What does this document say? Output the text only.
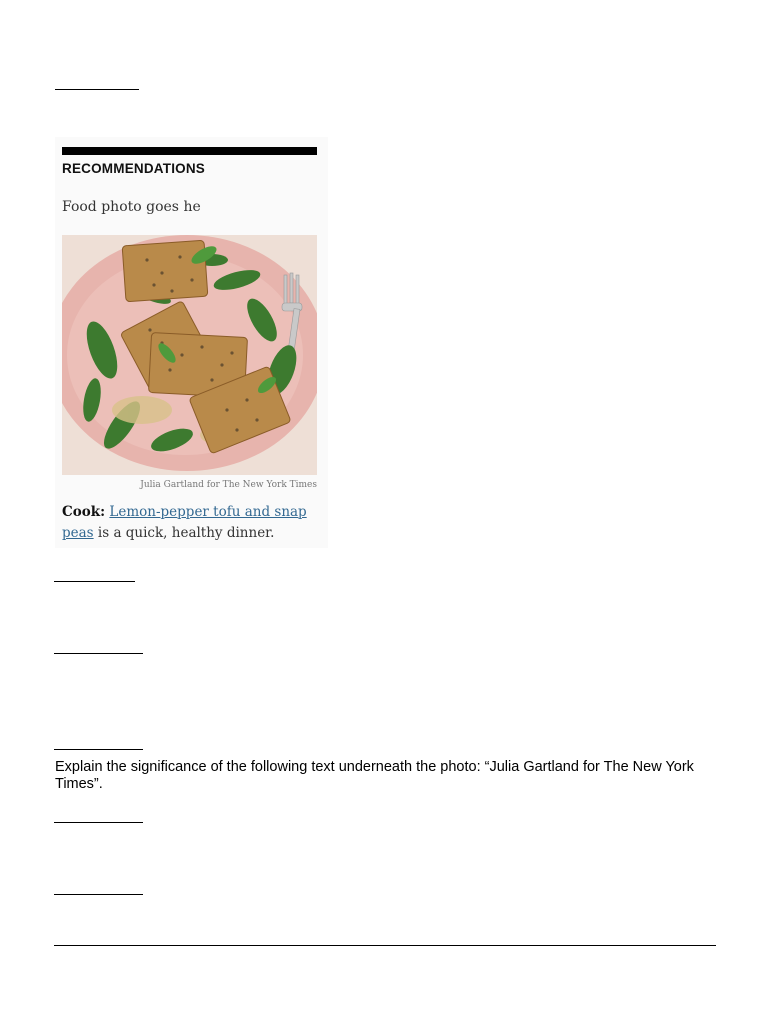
RECOMMENDATIONS
Food photo goes he
Julia Gartland for The New York Times
Cook: Lemon-pepper tofu and snap peas is a quick, healthy dinner.
Explain the significance of the following text underneath the photo: “Julia Gartland for The New York Times”.
